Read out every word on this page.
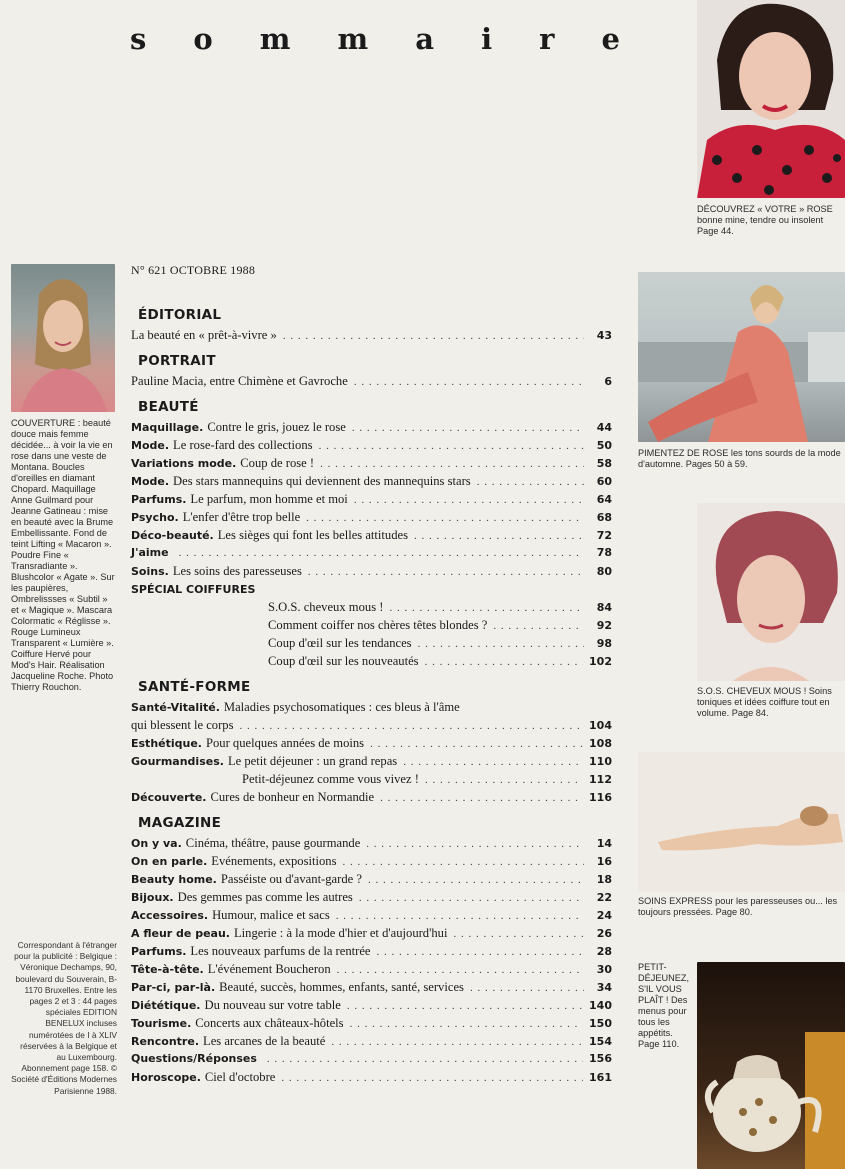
s o m m a i r e
N° 621 OCTOBRE 1988
COUVERTURE : beauté douce mais femme décidée... à voir la vie en rose dans une veste de Montana. Boucles d'oreilles en diamant Chopard. Maquillage Anne Guilmard pour Jeanne Gatineau : mise en beauté avec la Brume Embellissante. Fond de teint Lifting « Macaron ». Poudre Fine « Transradiante ». Blushcolor « Agate ». Sur les paupières, Ombrelissses « Subtil » et « Magique ». Mascara Colormatic « Réglisse ». Rouge Lumineux Transparent « Lumière ». Coiffure Hervé pour Mod's Hair. Réalisation Jacqueline Roche. Photo Thierry Rouchon.
Correspondant à l'étranger pour la publicité : Belgique : Véronique Dechamps, 90, boulevard du Souverain, B-1170 Bruxelles. Entre les pages 2 et 3 : 44 pages spéciales EDITION BENELUX incluses numérotées de I à XLIV réservées à la Belgique et au Luxembourg. Abonnement page 158. © Société d'Éditions Modernes Parisienne 1988.
DÉCOUVREZ « VOTRE » ROSE bonne mine, tendre ou insolent Page 44.
PIMENTEZ DE ROSE les tons sourds de la mode d'automne. Pages 50 à 59.
S.O.S. CHEVEUX MOUS ! Soins toniques et idées coiffure tout en volume. Page 84.
SOINS EXPRESS pour les paresseuses ou... les toujours pressées. Page 80.
PETIT-DÉJEUNEZ, S'IL VOUS PLAÎT ! Des menus pour tous les appétits. Page 110.
ÉDITORIAL
La beauté en « prêt-à-vivre » . . .	43
PORTRAIT
Pauline Macia, entre Chimène et Gavroche . . .	6
BEAUTÉ
Maquillage. Contre le gris, jouez le rose . . .	44
Mode. Le rose-fard des collections . . .	50
Variations mode. Coup de rose ! . . .	58
Mode. Des stars mannequins qui deviennent des mannequins stars . . .	60
Parfums. Le parfum, mon homme et moi . . .	64
Psycho. L'enfer d'être trop belle . . .	68
Déco-beauté. Les sièges qui font les belles attitudes . . .	72
J'aime . . .	78
Soins. Les soins des paresseuses . . .	80
SPÉCIAL COIFFURES
S.O.S. cheveux mous ! . . .	84
Comment coiffer nos chères têtes blondes ? . . .	92
Coup d'œil sur les tendances . . .	98
Coup d'œil sur les nouveautés . . .	102
SANTÉ-FORME
Santé-Vitalité. Maladies psychosomatiques : ces bleus à l'âme
qui blessent le corps . . .	104
Esthétique. Pour quelques années de moins . . .	108
Gourmandises. Le petit déjeuner : un grand repas . . .	110
Petit-déjeunez comme vous vivez ! . . .	112
Découverte. Cures de bonheur en Normandie . . .	116
MAGAZINE
On y va. Cinéma, théâtre, pause gourmande . . .	14
On en parle. Evénements, expositions . . .	16
Beauty home. Passéiste ou d'avant-garde ? . . .	18
Bijoux. Des gemmes pas comme les autres . . .	22
Accessoires. Humour, malice et sacs . . .	24
A fleur de peau. Lingerie : à la mode d'hier et d'aujourd'hui . . .	26
Parfums. Les nouveaux parfums de la rentrée . . .	28
Tête-à-tête. L'événement Boucheron . . .	30
Par-ci, par-là. Beauté, succès, hommes, enfants, santé, services . . .	34
Diététique. Du nouveau sur votre table . . .	140
Tourisme. Concerts aux châteaux-hôtels . . .	150
Rencontre. Les arcanes de la beauté . . .	154
Questions/Réponses . . .	156
Horoscope. Ciel d'octobre . . .	161
